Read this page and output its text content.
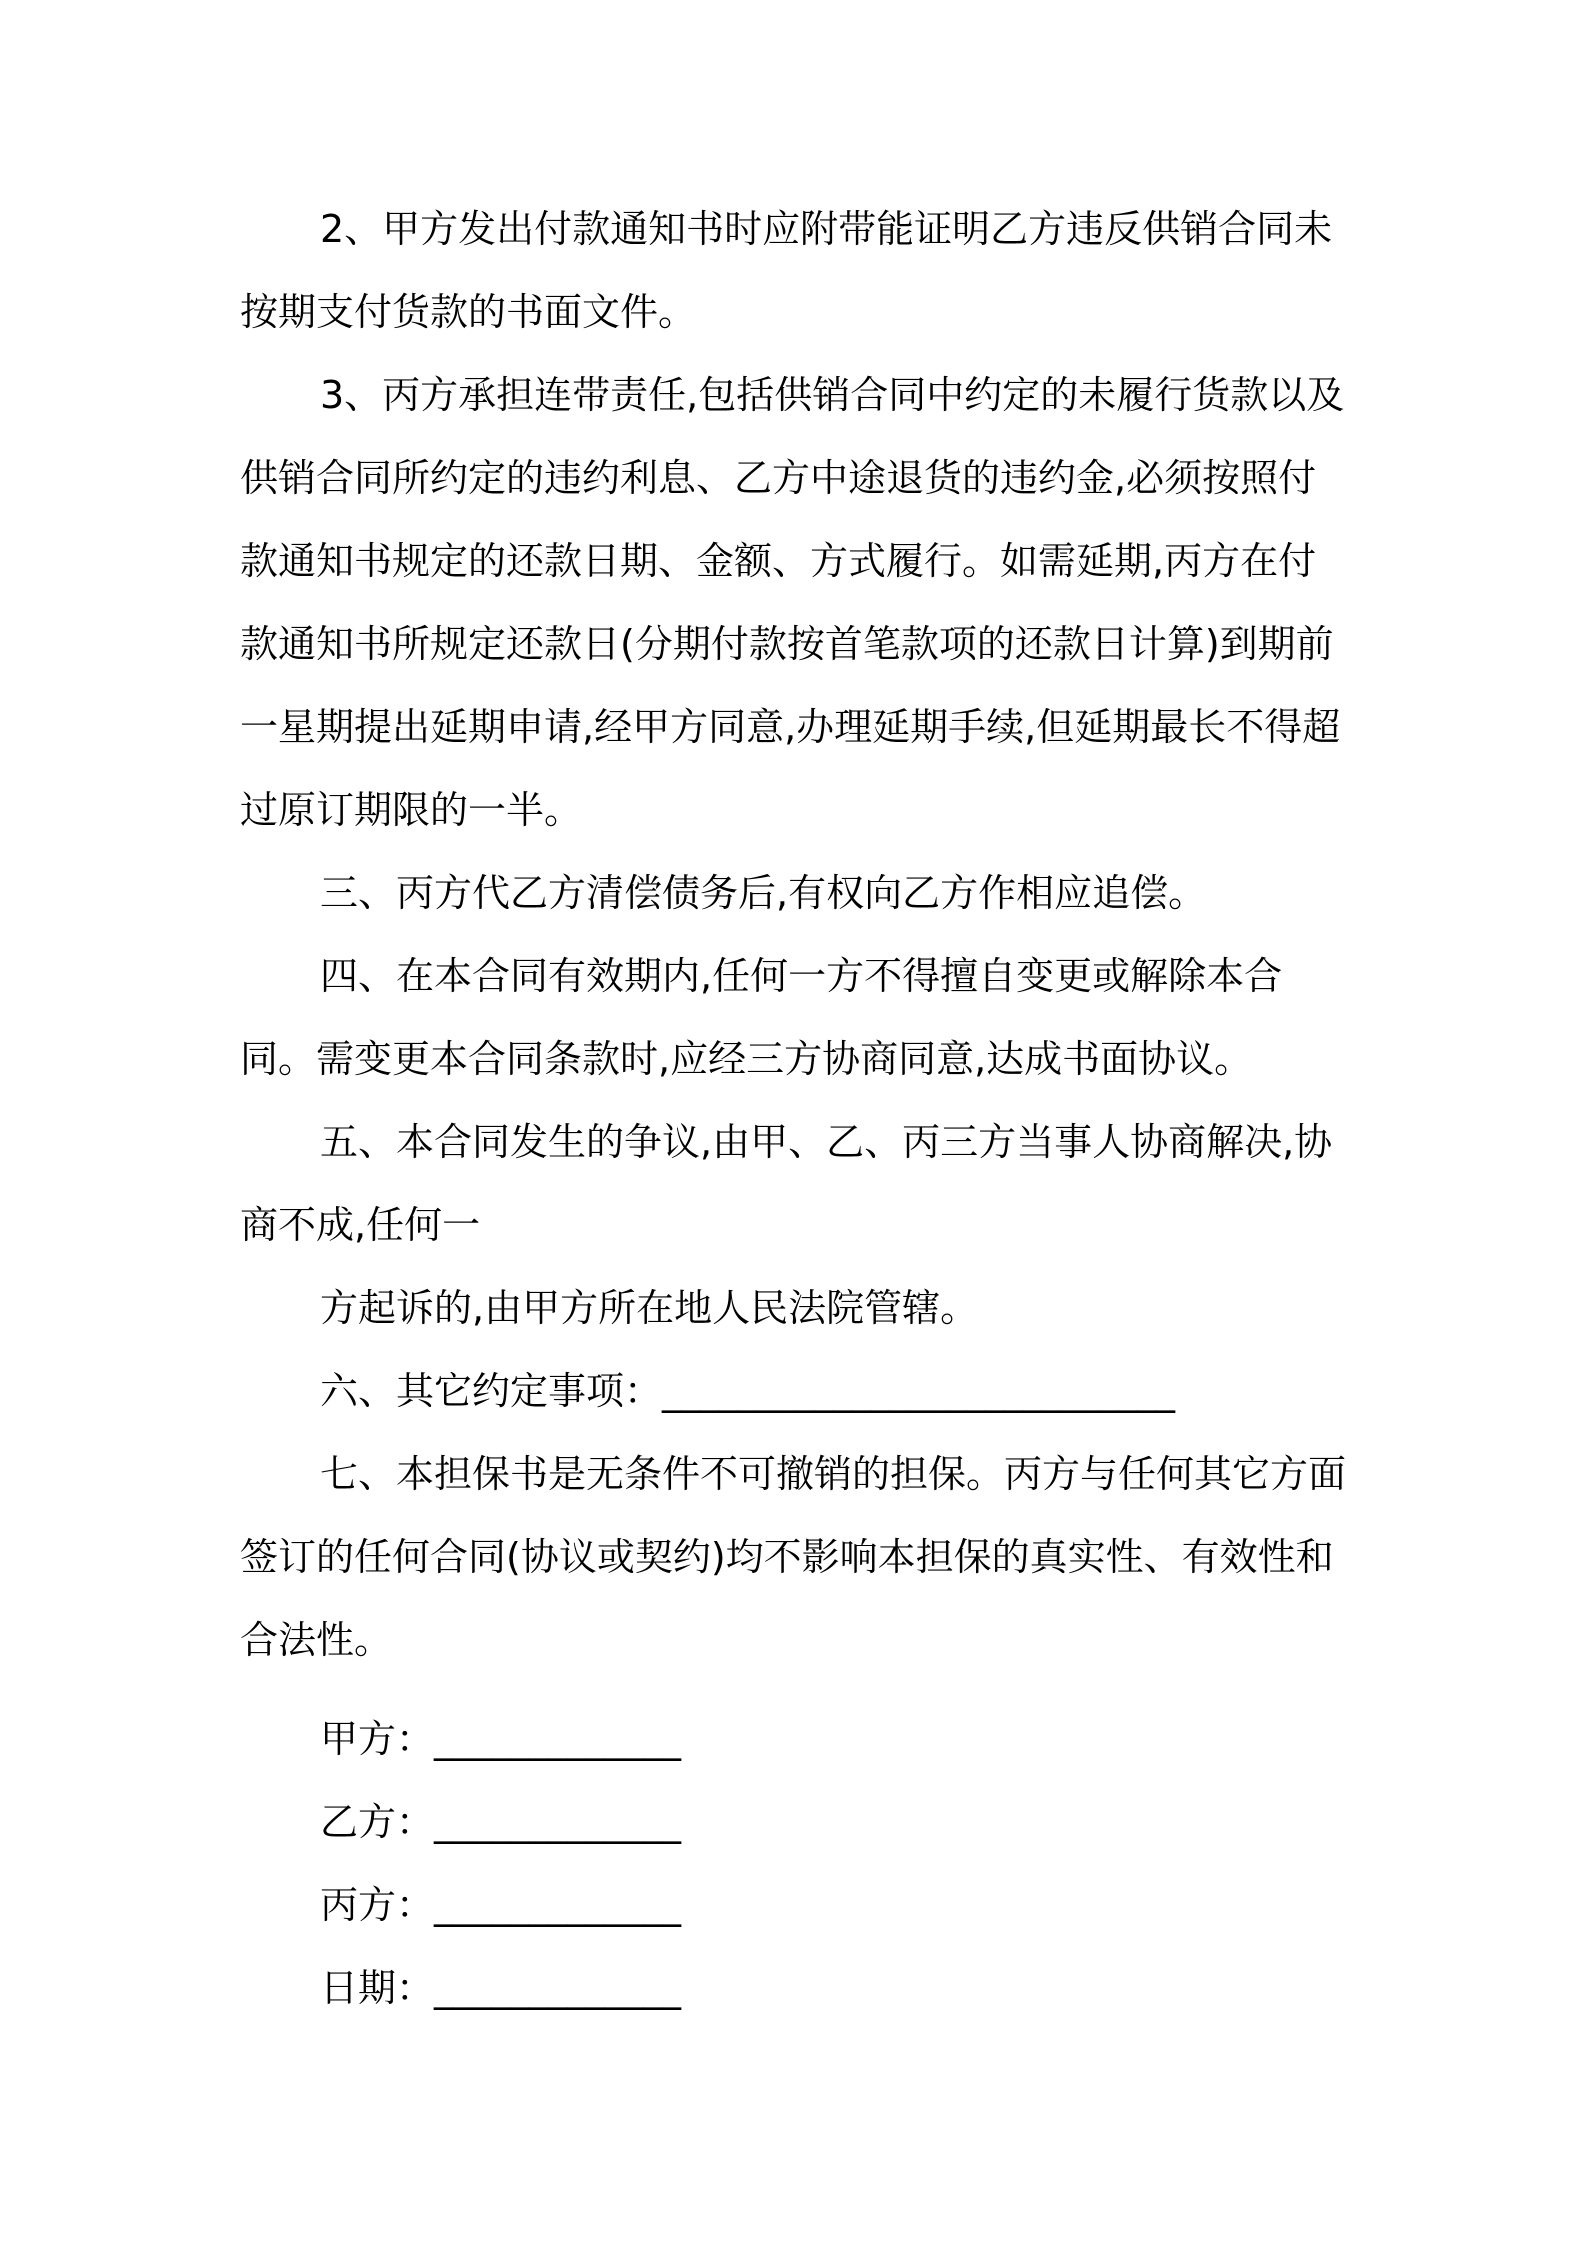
2、甲方发出付款通知书时应附带能证明乙方违反供销合同未按期支付货款的书面文件。

3、丙方承担连带责任,包括供销合同中约定的未履行货款以及供销合同所约定的违约利息、乙方中途退货的违约金,必须按照付款通知书规定的还款日期、金额、方式履行。如需延期,丙方在付款通知书所规定还款日(分期付款按首笔款项的还款日计算)到期前一星期提出延期申请,经甲方同意,办理延期手续,但延期最长不得超过原订期限的一半。

三、丙方代乙方清偿债务后,有权向乙方作相应追偿。

四、在本合同有效期内,任何一方不得擅自变更或解除本合同。需变更本合同条款时,应经三方协商同意,达成书面协议。

五、本合同发生的争议,由甲、乙、丙三方当事人协商解决,协商不成,任何一

方起诉的,由甲方所在地人民法院管辖。

六、其它约定事项：___________________________

七、本担保书是无条件不可撤销的担保。丙方与任何其它方面签订的任何合同(协议或契约)均不影响本担保的真实性、有效性和合法性。

甲方：_____________
乙方：_____________
丙方：_____________
日期：_____________
